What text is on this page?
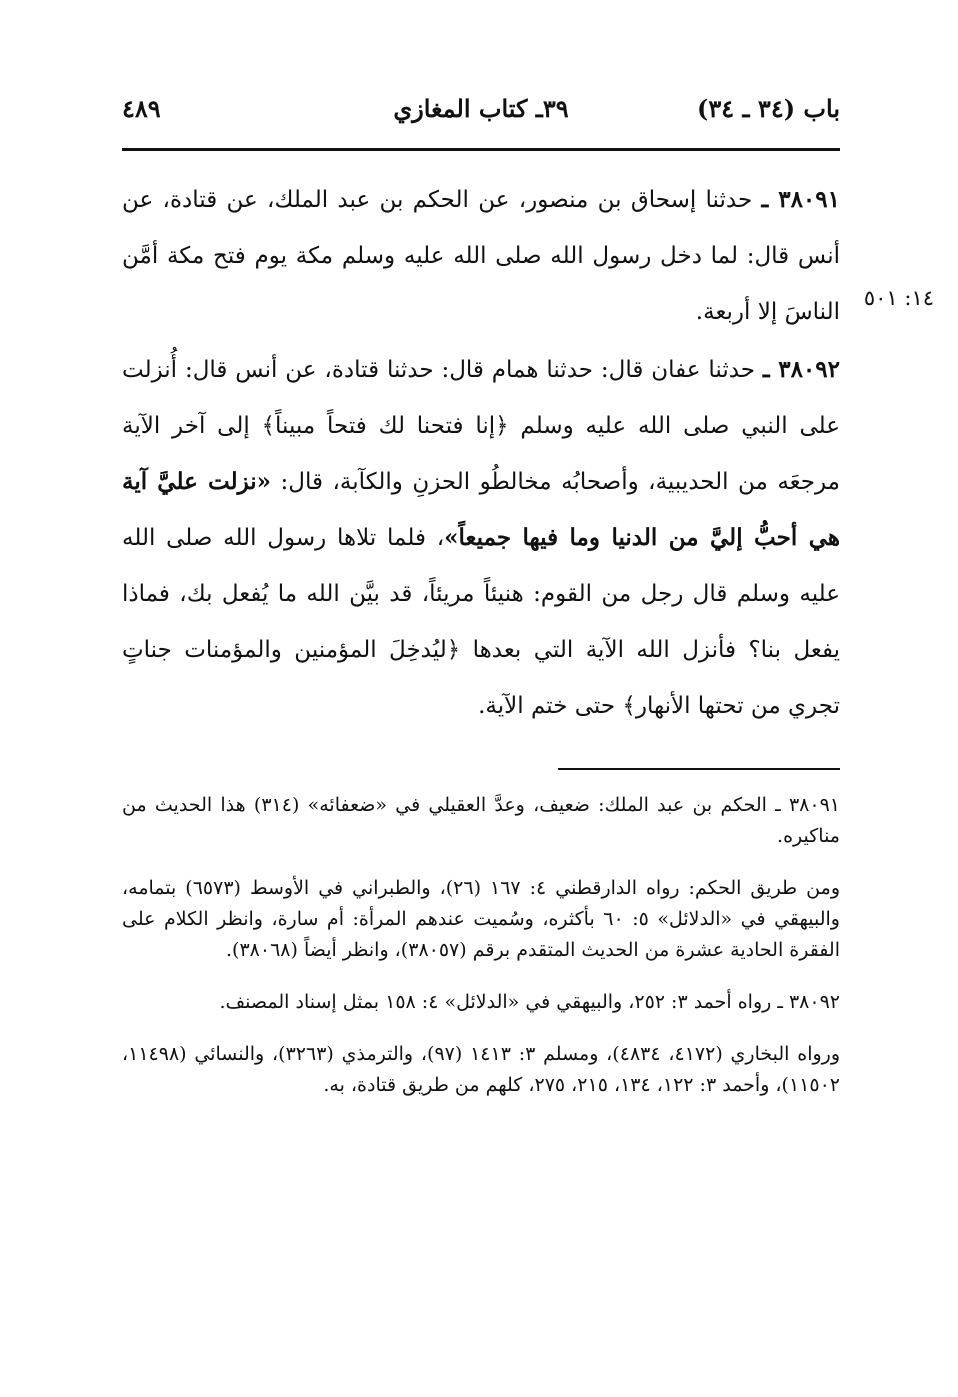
باب (٣٤ ـ ٣٤)
٣٩ـ كتاب المغازي
٤٨٩

٣٨٠٩١ ـ حدثنا إسحاق بن منصور، عن الحكم بن عبد الملك، عن قتادة، عن أنس قال: لما دخل رسول الله صلى الله عليه وسلم مكة يوم فتح مكة أمَّن الناسَ إلا أربعة.

١٤: ٥٠١

٣٨٠٩٢ ـ حدثنا عفان قال: حدثنا همام قال: حدثنا قتادة، عن أنس قال: أُنزلت على النبي صلى الله عليه وسلم ﴿إنا فتحنا لك فتحاً مبيناً﴾ إلى آخر الآية مرجعَه من الحديبية، وأصحابُه مخالطُو الحزنِ والكآبة، قال: «نزلت عليَّ آية هي أحبُّ إليَّ من الدنيا وما فيها جميعاً»، فلما تلاها رسول الله صلى الله عليه وسلم قال رجل من القوم: هنيئاً مريئاً، قد بيَّن الله ما يُفعل بك، فماذا يفعل بنا؟ فأنزل الله الآية التي بعدها ﴿ليُدخِلَ المؤمنين والمؤمنات جناتٍ تجري من تحتها الأنهار﴾ حتى ختم الآية.

٣٨٠٩١ ـ الحكم بن عبد الملك: ضعيف، وعدَّ العقيلي في «ضعفائه» (٣١٤) هذا الحديث من مناكيره.

ومن طريق الحكم: رواه الدارقطني ٤: ١٦٧ (٢٦)، والطبراني في الأوسط (٦٥٧٣) بتمامه، والبيهقي في «الدلائل» ٥: ٦٠ بأكثره، وسُميت عندهم المرأة: أم سارة، وانظر الكلام على الفقرة الحادية عشرة من الحديث المتقدم برقم (٣٨٠٥٧)، وانظر أيضاً (٣٨٠٦٨).

٣٨٠٩٢ ـ رواه أحمد ٣: ٢٥٢، والبيهقي في «الدلائل» ٤: ١٥٨ بمثل إسناد المصنف.

ورواه البخاري (٤١٧٢، ٤٨٣٤)، ومسلم ٣: ١٤١٣ (٩٧)، والترمذي (٣٢٦٣)، والنسائي (١١٤٩٨، ١١٥٠٢)، وأحمد ٣: ١٢٢، ١٣٤، ٢١٥، ٢٧٥، كلهم من طريق قتادة، به.
